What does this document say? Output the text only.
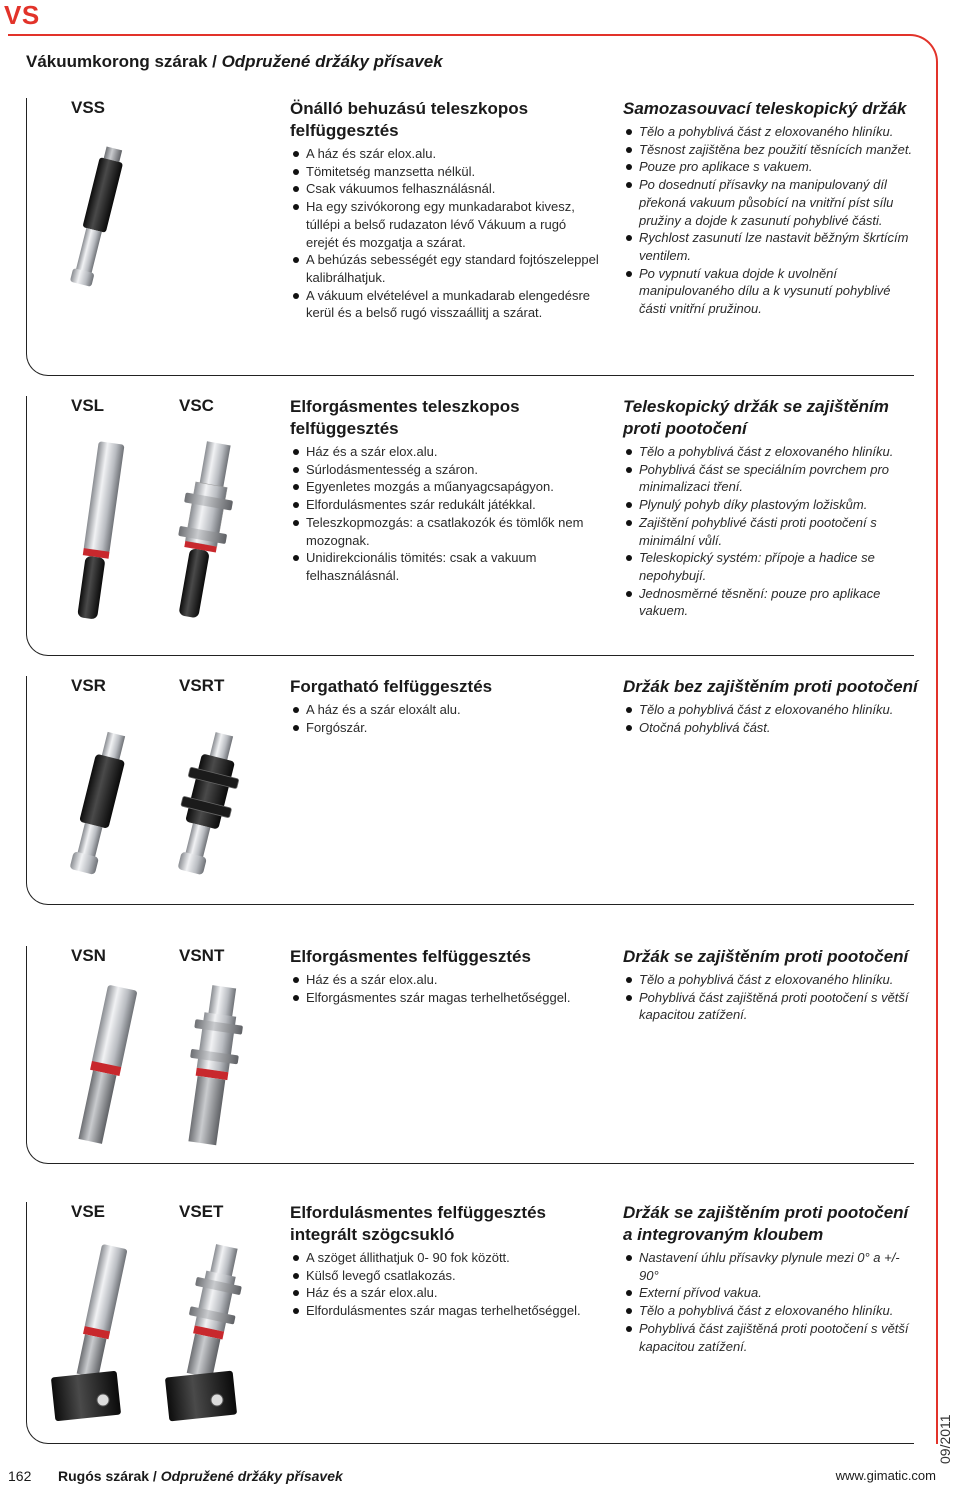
VS
Vákuumkorong szárak / Odpružené držáky přísavek
VSS	Önálló behuzású teleszkopos felfüggesztés
A ház és szár elox.alu.
Tömitetség manzsetta nélkül.
Csak vákuumos felhasználásnál.
Ha egy szivókorong egy munkadarabot kivesz, túllépi a belső rudazaton lévő Vákuum a rugó erejét és mozgatja a szárat.
A behúzás sebességét egy standard fojtószeleppel kalibrálhatjuk.
A vákuum elvételével a munkadarab elengedésre kerül és a belső rugó visszaállitj a szárat.
Samozasouvací teleskopický držák
Tělo a pohyblivá část z eloxovaného hliníku.
Těsnost zajištěna bez použití těsnících manžet.
Pouze pro aplikace s vakuem.
Po dosednutí přísavky na manipulovaný díl překoná vakuum působící na vnitřní píst sílu pružiny a dojde k zasunutí pohyblivé části.
Rychlost zasunutí lze nastavit běžným škrtícím ventilem.
Po vypnutí vakua dojde k uvolnění manipulovaného dílu a k vysunutí pohyblivé části vnitřní pružinou.
VSL	VSC	Elforgásmentes teleszkopos felfüggesztés
Ház és a szár elox.alu.
Súrlodásmentesség a száron.
Egyenletes mozgás a műanyagcsapágyon.
Elfordulásmentes szár redukált játékkal.
Teleszkopmozgás: a csatlakozók és tömlők nem mozognak.
Unidirekcionális tömités: csak a vakuum felhasználásnál.
Teleskopický držák se zajištěním proti pootočení
Tělo a pohyblivá část z eloxovaného hliníku.
Pohyblivá část se speciálním povrchem pro minimalizaci tření.
Plynulý pohyb díky plastovým ložiskům.
Zajištění pohyblivé části proti pootočení s minimální vůlí.
Teleskopický systém: přípoje a hadice se nepohybují.
Jednosměrné těsnění: pouze pro aplikace vakuem.
VSR	VSRT	Forgatható felfüggesztés
A ház és a szár eloxált alu.
Forgószár.
Držák bez zajištěním proti pootočení
Tělo a pohyblivá část z eloxovaného hliníku.
Otočná pohyblivá část.
VSN	VSNT	Elforgásmentes felfüggesztés
Ház és a szár elox.alu.
Elforgásmentes szár magas terhelhetőséggel.
Držák se zajištěním proti pootočení
Tělo a pohyblivá část z eloxovaného hliníku.
Pohyblivá část zajištěná proti pootočení s větší kapacitou zatížení.
VSE	VSET	Elfordulásmentes felfüggesztés integrált szögcsukló
A szöget állithatjuk 0- 90 fok között.
Külső levegő csatlakozás.
Ház és a szár elox.alu.
Elfordulásmentes szár magas terhelhetőséggel.
Držák se zajištěním proti pootočení a integrovaným kloubem
Nastavení úhlu přísavky plynule mezi 0° a +/- 90°
Externí přívod vakua.
Tělo a pohyblivá část z eloxovaného hliníku.
Pohyblivá část zajištěná proti pootočení s větší kapacitou zatížení.
162 Rugós szárak / Odpružené držáky přísavek	www.gimatic.com
09/2011
